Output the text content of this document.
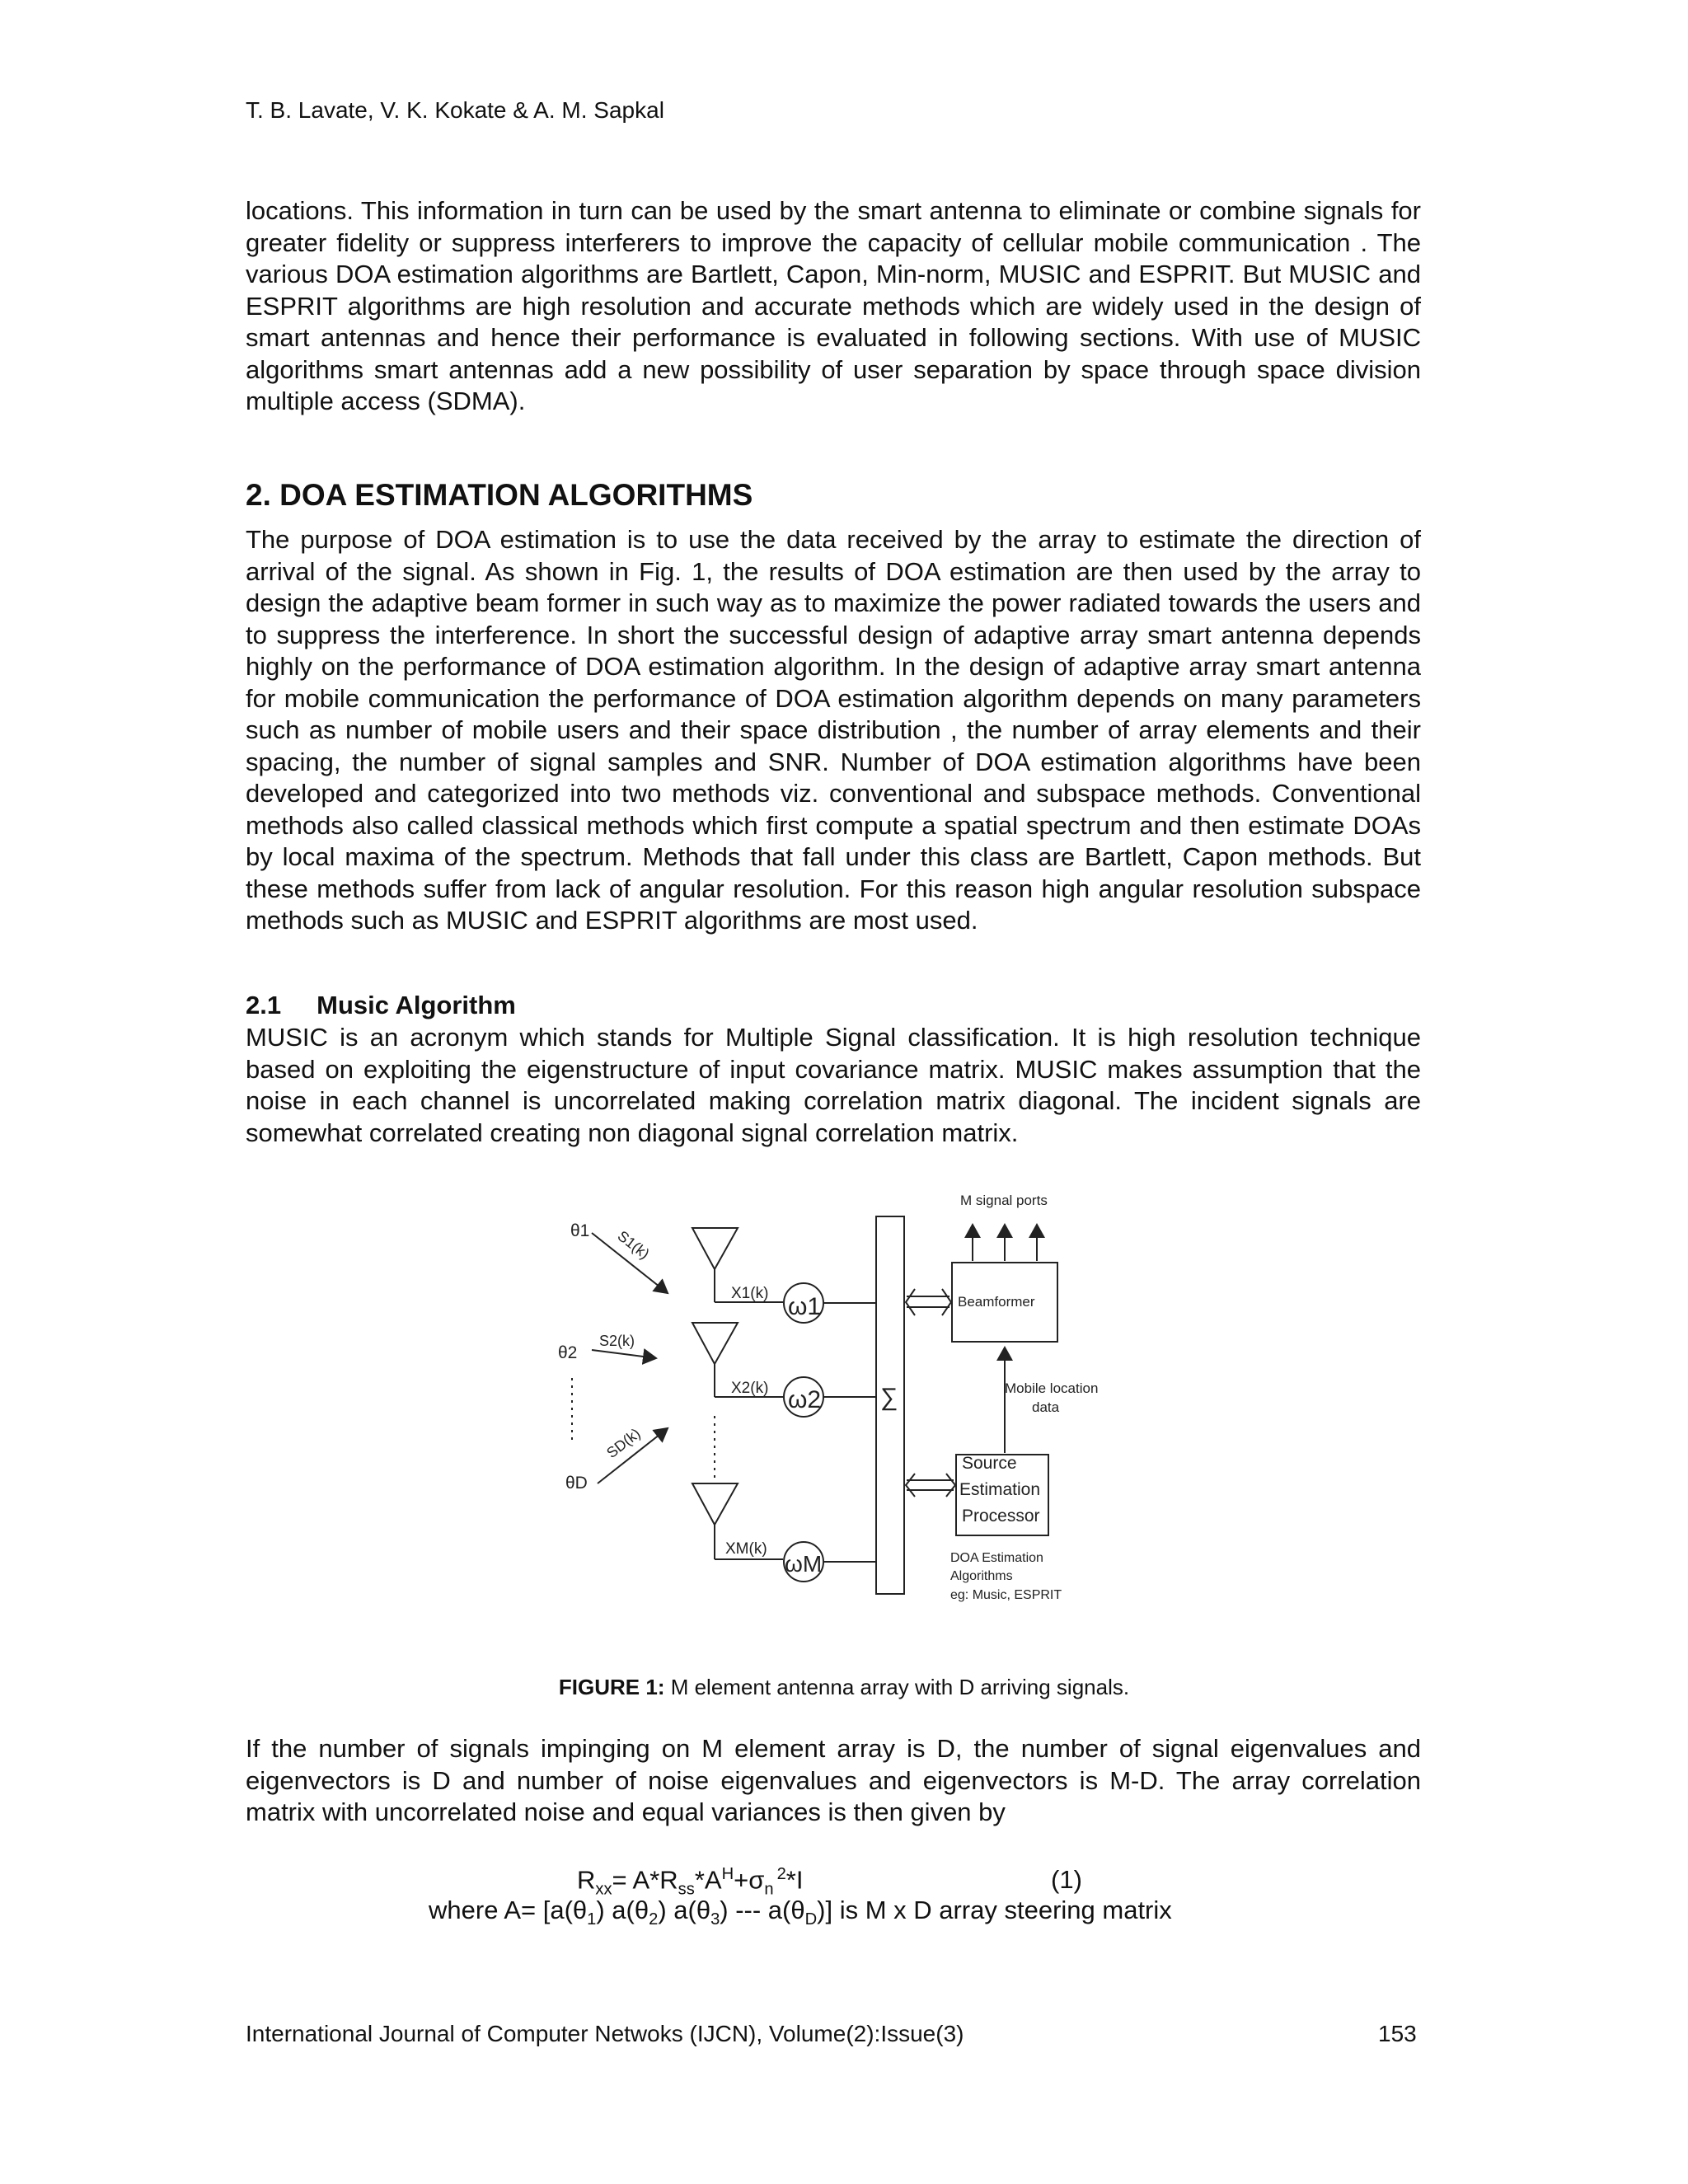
T. B. Lavate, V. K. Kokate & A. M. Sapkal
locations. This information in turn can be used by the smart antenna to eliminate or combine signals for greater fidelity or suppress interferers to improve the capacity of cellular mobile communication . The various DOA estimation algorithms are Bartlett, Capon, Min-norm, MUSIC and ESPRIT. But MUSIC and ESPRIT algorithms are high resolution and accurate methods which are widely used in the design of smart antennas and hence their performance is evaluated in following sections. With use of MUSIC algorithms smart antennas add a new possibility of user separation by space through space division multiple access (SDMA).
2. DOA ESTIMATION ALGORITHMS
The purpose of DOA estimation is to use the data received by the array to estimate the direction of arrival of the signal. As shown in Fig. 1, the results of DOA estimation are then used by the array to design the adaptive beam former in such way as to maximize the power radiated towards the users and to suppress the interference. In short the successful design of adaptive array smart antenna depends highly on the performance of DOA estimation algorithm. In the design of adaptive array smart antenna for mobile communication the performance of DOA estimation algorithm depends on many parameters such as number of mobile users and their space distribution , the number of array elements and their spacing, the number of signal samples and SNR. Number of DOA estimation algorithms have been developed and categorized into two methods viz. conventional and subspace methods. Conventional methods also called classical methods which first compute a spatial spectrum and then estimate DOAs by local maxima of the spectrum. Methods that fall under this class are Bartlett, Capon methods. But these methods suffer from lack of angular resolution. For this reason high angular resolution subspace methods such as MUSIC and ESPRIT algorithms are most used.
2.1     Music Algorithm
MUSIC is an acronym which stands for Multiple Signal classification. It is high resolution technique based on exploiting the eigenstructure of input covariance matrix. MUSIC makes assumption that the noise in each channel is uncorrelated making correlation matrix diagonal. The incident signals are somewhat correlated creating non diagonal signal correlation matrix.
M signal ports
θ1
θ2
θD
S1(k)
S2(k)
SD(k)
X1(k)
X2(k)
XM(k)
ω1
ω2
ωM
∑
Beamformer
Mobile location
data
Source
Estimation
Processor
DOA Estimation
Algorithms
eg: Music, ESPRIT
FIGURE 1: M element antenna array with D arriving signals.
If the number of signals impinging on M element array is D, the number of signal eigenvalues and eigenvectors is D and number of noise eigenvalues and eigenvectors is M-D. The array correlation matrix with uncorrelated noise and equal variances is then given by
$R_{xx}= A*R_{ss}*A^H+\sigma_n^2*I$	(1)
where $A= [a(\theta_1)$ $a(\theta_2)$ $a(\theta_3)$ --- $a(\theta_D)$] is M x D array steering matrix
International Journal of Computer Netwoks (IJCN), Volume(2):Issue(3)	153
